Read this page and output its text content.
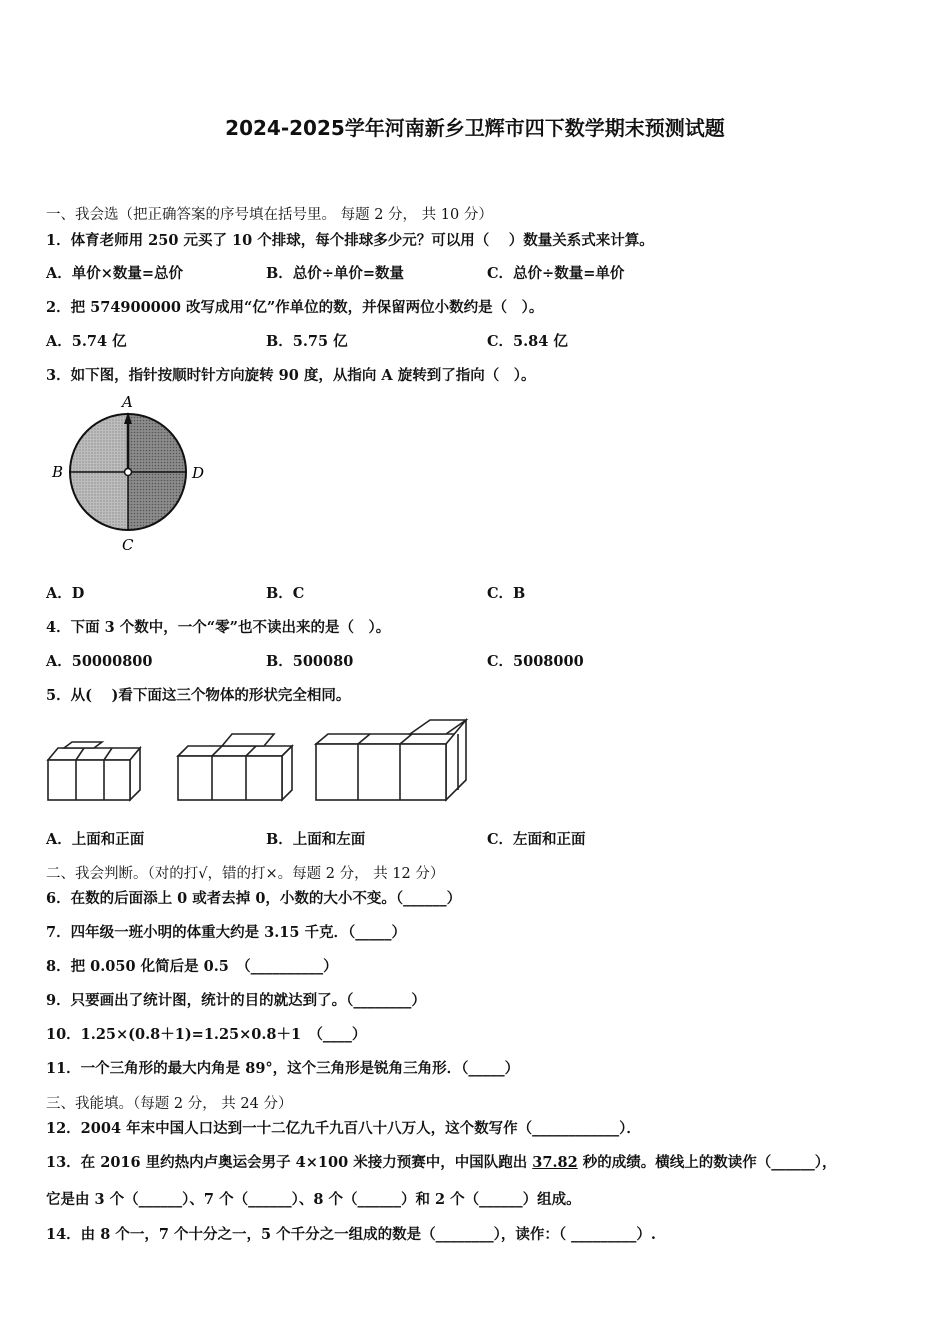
2024-2025学年河南新乡卫辉市四下数学期末预测试题
一、我会选（把正确答案的序号填在括号里。 每题 2 分， 共 10 分）
1．体育老师用 250 元买了 10 个排球，每个排球多少元？可以用（　 ）数量关系式来计算。
A．单价×数量=总价	B．总价÷单价=数量	C．总价÷数量=单价
2．把 574900000 改写成用“亿”作单位的数，并保留两位小数约是（　）。
A．5.74 亿	B．5.75 亿	C．5.84 亿
3．如下图，指针按顺时针方向旋转 90 度，从指向 A 旋转到了指向（　）。
A
B	D
C
A．D	B．C	C．B
4．下面 3 个数中，一个“零”也不读出来的是（　）。
A．50000800	B．500080	C．5008000
5．从(　 )看下面这三个物体的形状完全相同。
A．上面和正面	B．上面和左面	C．左面和正面
二、我会判断。（对的打√，错的打×。每题 2 分， 共 12 分）
6．在数的后面添上 0 或者去掉 0，小数的大小不变。（______）
7．四年级一班小明的体重大约是 3.15 千克．（_____）
8．把 0.050 化简后是 0.5　（__________）
9．只要画出了统计图，统计的目的就达到了。（________）
10．1.25×(0.8＋1)=1.25×0.8＋1　（____）
11．一个三角形的最大内角是 89°，这个三角形是锐角三角形．（_____）
三、我能填。（每题 2 分， 共 24 分）
12．2004 年末中国人口达到一十二亿九千九百八十八万人，这个数写作（____________）．
13．在 2016 里约热内卢奥运会男子 4×100 米接力预赛中，中国队跑出 37.82 秒的成绩。横线上的数读作（______），
它是由 3 个（______）、7 个（______）、8 个（______）和 2 个（______）组成。
14．由 8 个一，7 个十分之一，5 个千分之一组成的数是（________），读作：（ _________）.
